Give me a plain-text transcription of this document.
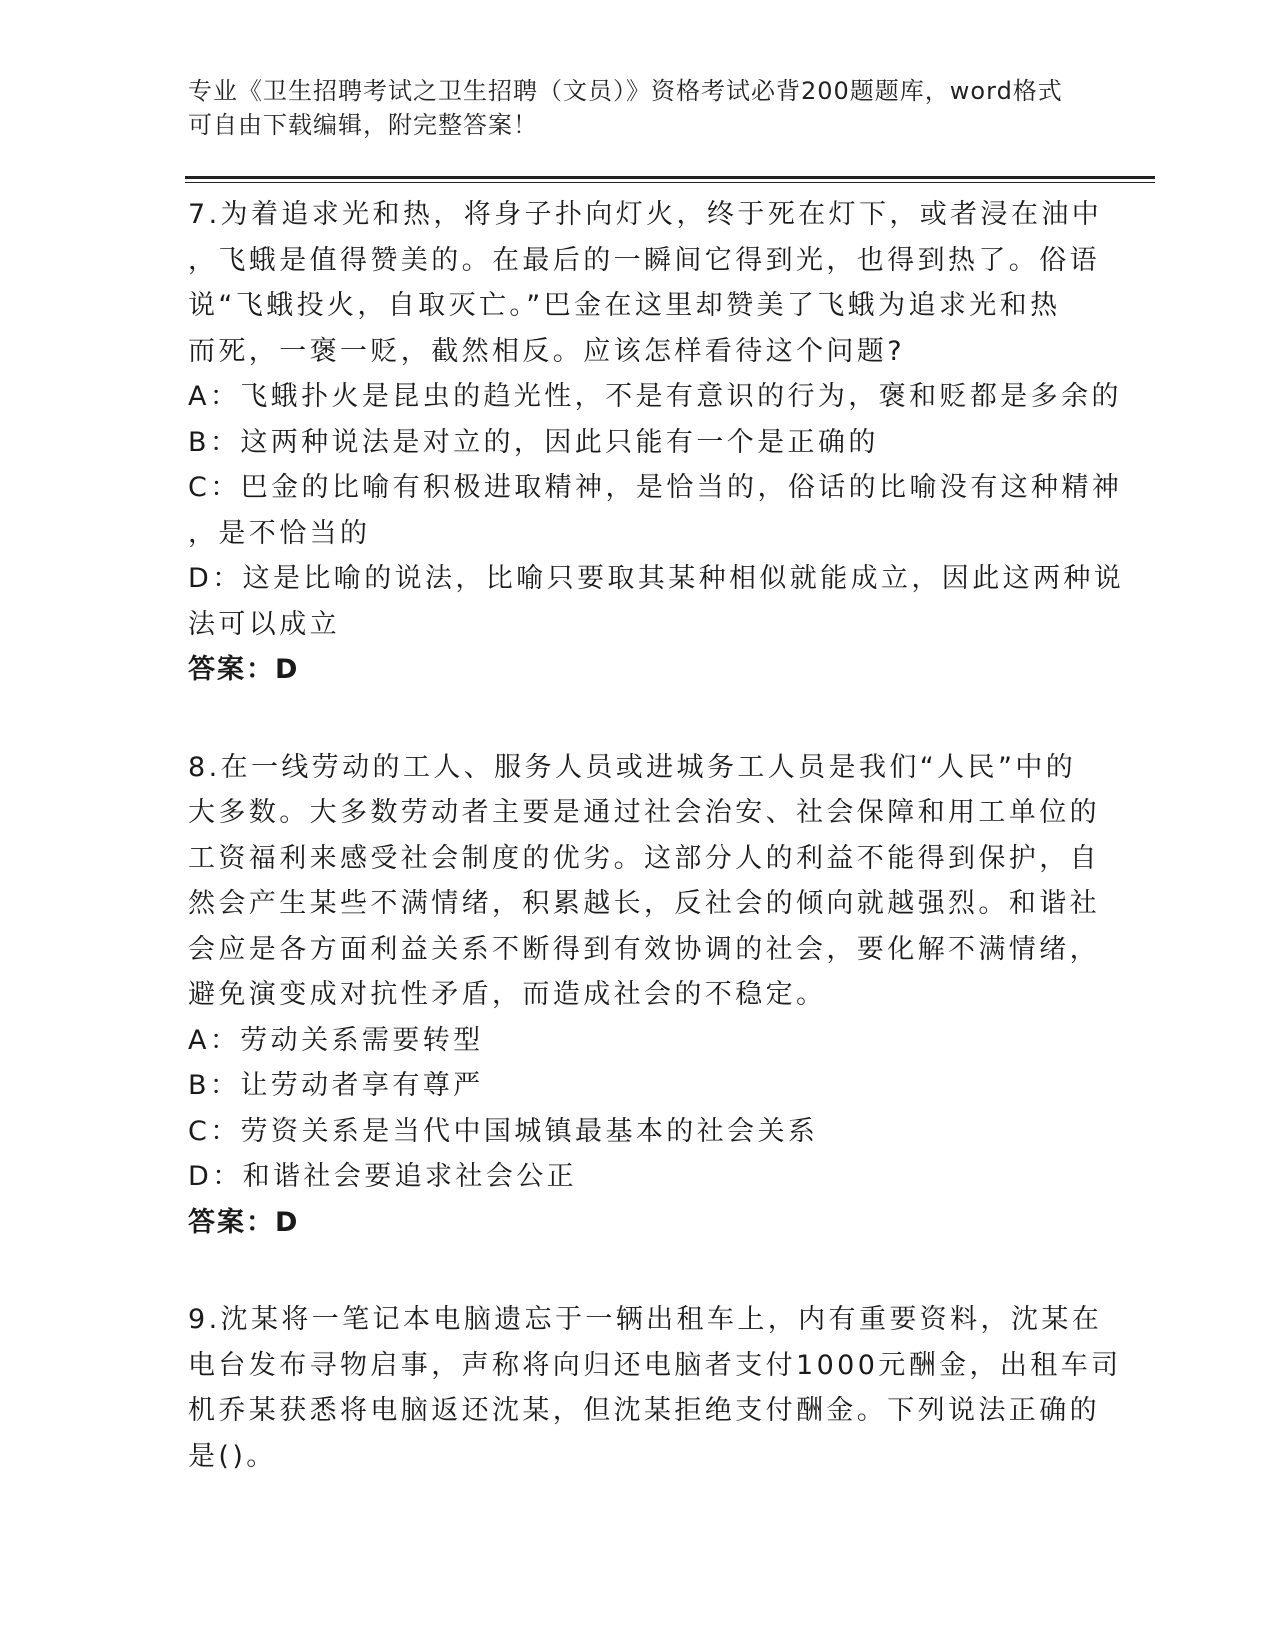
专业《卫生招聘考试之卫生招聘（文员）》资格考试必背200题题库，word格式
可自由下载编辑，附完整答案！
7.为着追求光和热，将身子扑向灯火，终于死在灯下，或者浸在油中
，飞蛾是值得赞美的。在最后的一瞬间它得到光，也得到热了。俗语
说“飞蛾投火，自取灭亡。”巴金在这里却赞美了飞蛾为追求光和热
而死，一褒一贬，截然相反。应该怎样看待这个问题?
A：飞蛾扑火是昆虫的趋光性，不是有意识的行为，褒和贬都是多余的
B：这两种说法是对立的，因此只能有一个是正确的
C：巴金的比喻有积极进取精神，是恰当的，俗话的比喻没有这种精神
，是不恰当的
D：这是比喻的说法，比喻只要取其某种相似就能成立，因此这两种说
法可以成立
答案：D
8.在一线劳动的工人、服务人员或进城务工人员是我们“人民”中的
大多数。大多数劳动者主要是通过社会治安、社会保障和用工单位的
工资福利来感受社会制度的优劣。这部分人的利益不能得到保护，自
然会产生某些不满情绪，积累越长，反社会的倾向就越强烈。和谐社
会应是各方面利益关系不断得到有效协调的社会，要化解不满情绪，
避免演变成对抗性矛盾，而造成社会的不稳定。
A：劳动关系需要转型
B：让劳动者享有尊严
C：劳资关系是当代中国城镇最基本的社会关系
D：和谐社会要追求社会公正
答案：D
9.沈某将一笔记本电脑遗忘于一辆出租车上，内有重要资料，沈某在
电台发布寻物启事，声称将向归还电脑者支付1000元酬金，出租车司
机乔某获悉将电脑返还沈某，但沈某拒绝支付酬金。下列说法正确的
是()。
